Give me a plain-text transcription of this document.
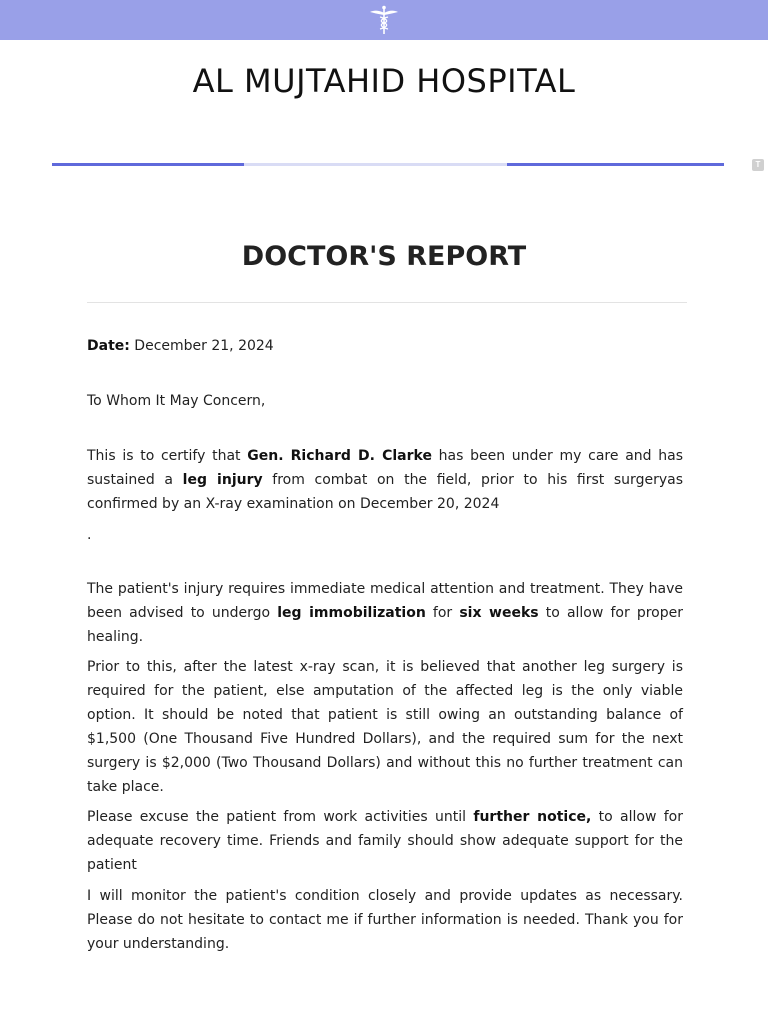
AL MUJTAHID HOSPITAL
T
DOCTOR'S REPORT
Date: December 21, 2024
To Whom It May Concern,
This is to certify that Gen. Richard D. Clarke has been under my care and has sustained a leg injury from combat on the field, prior to his first surgeryas confirmed by an X-ray examination on December 20, 2024
.
The patient's injury requires immediate medical attention and treatment. They have been advised to undergo leg immobilization for six weeks to allow for proper healing.
Prior to this, after the latest x-ray scan, it is believed that another leg surgery is required for the patient, else amputation of the affected leg is the only viable option. It should be noted that patient is still owing an outstanding balance of $1,500 (One Thousand Five Hundred Dollars), and the required sum for the next surgery is $2,000 (Two Thousand Dollars) and without this no further treatment can take place.
Please excuse the patient from work activities until further notice, to allow for adequate recovery time. Friends and family should show adequate support for the patient
I will monitor the patient's condition closely and provide updates as necessary. Please do not hesitate to contact me if further information is needed. Thank you for your understanding.
